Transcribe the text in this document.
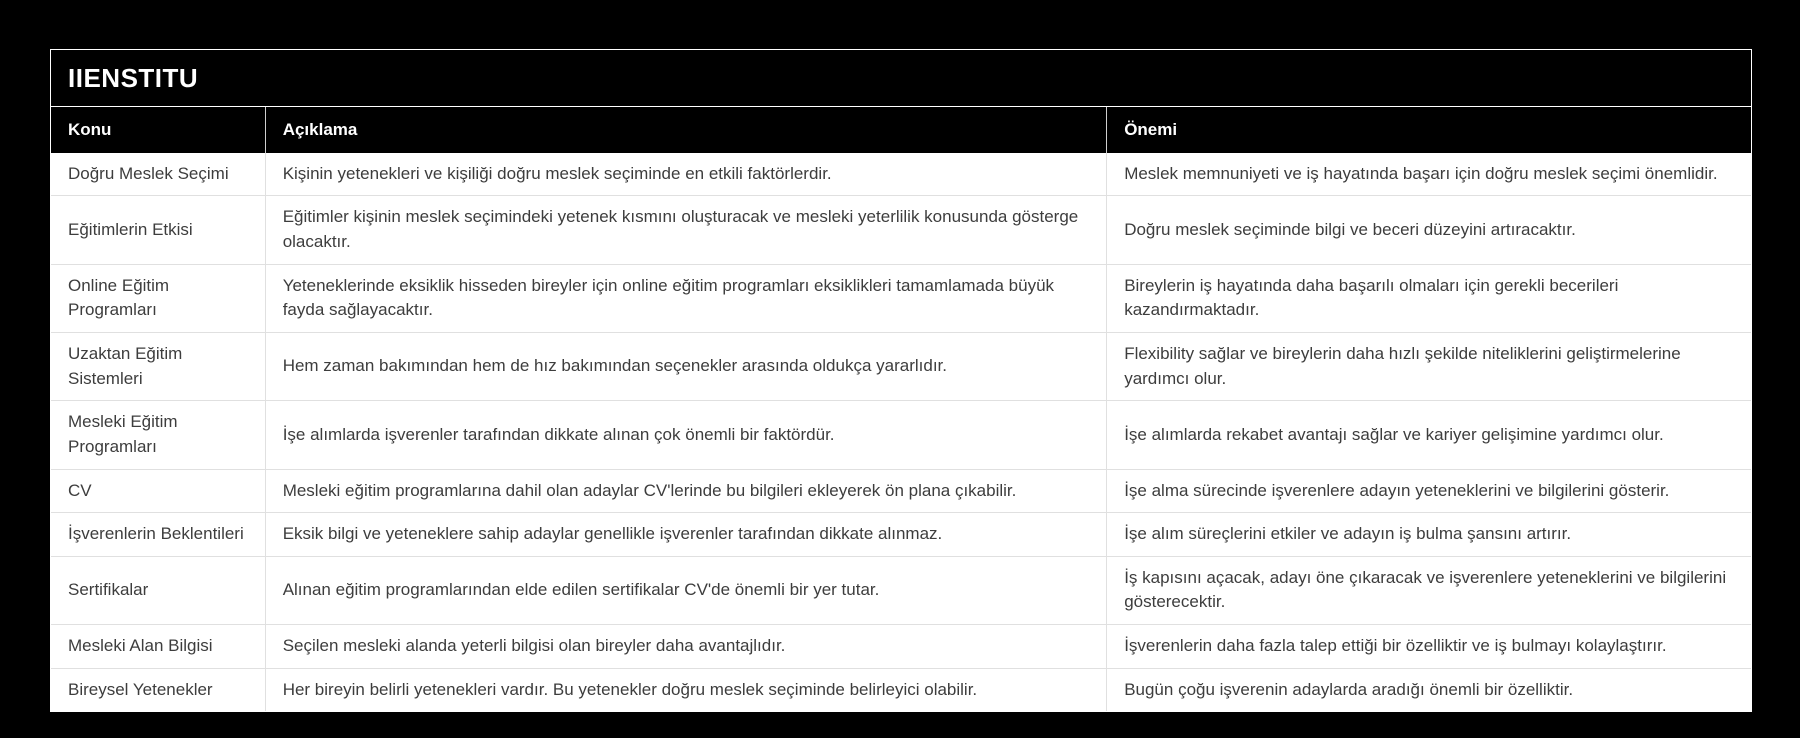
IIENSTITU
Konu	Açıklama	Önemi
Doğru Meslek Seçimi	Kişinin yetenekleri ve kişiliği doğru meslek seçiminde en etkili faktörlerdir.	Meslek memnuniyeti ve iş hayatında başarı için doğru meslek seçimi önemlidir.
Eğitimlerin Etkisi	Eğitimler kişinin meslek seçimindeki yetenek kısmını oluşturacak ve mesleki yeterlilik konusunda gösterge olacaktır.	Doğru meslek seçiminde bilgi ve beceri düzeyini artıracaktır.
Online Eğitim Programları	Yeteneklerinde eksiklik hisseden bireyler için online eğitim programları eksiklikleri tamamlamada büyük fayda sağlayacaktır.	Bireylerin iş hayatında daha başarılı olmaları için gerekli becerileri kazandırmaktadır.
Uzaktan Eğitim Sistemleri	Hem zaman bakımından hem de hız bakımından seçenekler arasında oldukça yararlıdır.	Flexibility sağlar ve bireylerin daha hızlı şekilde niteliklerini geliştirmelerine yardımcı olur.
Mesleki Eğitim Programları	İşe alımlarda işverenler tarafından dikkate alınan çok önemli bir faktördür.	İşe alımlarda rekabet avantajı sağlar ve kariyer gelişimine yardımcı olur.
CV	Mesleki eğitim programlarına dahil olan adaylar CV'lerinde bu bilgileri ekleyerek ön plana çıkabilir.	İşe alma sürecinde işverenlere adayın yeteneklerini ve bilgilerini gösterir.
İşverenlerin Beklentileri	Eksik bilgi ve yeteneklere sahip adaylar genellikle işverenler tarafından dikkate alınmaz.	İşe alım süreçlerini etkiler ve adayın iş bulma şansını artırır.
Sertifikalar	Alınan eğitim programlarından elde edilen sertifikalar CV'de önemli bir yer tutar.	İş kapısını açacak, adayı öne çıkaracak ve işverenlere yeteneklerini ve bilgilerini gösterecektir.
Mesleki Alan Bilgisi	Seçilen mesleki alanda yeterli bilgisi olan bireyler daha avantajlıdır.	İşverenlerin daha fazla talep ettiği bir özelliktir ve iş bulmayı kolaylaştırır.
Bireysel Yetenekler	Her bireyin belirli yetenekleri vardır. Bu yetenekler doğru meslek seçiminde belirleyici olabilir.	Bugün çoğu işverenin adaylarda aradığı önemli bir özelliktir.
